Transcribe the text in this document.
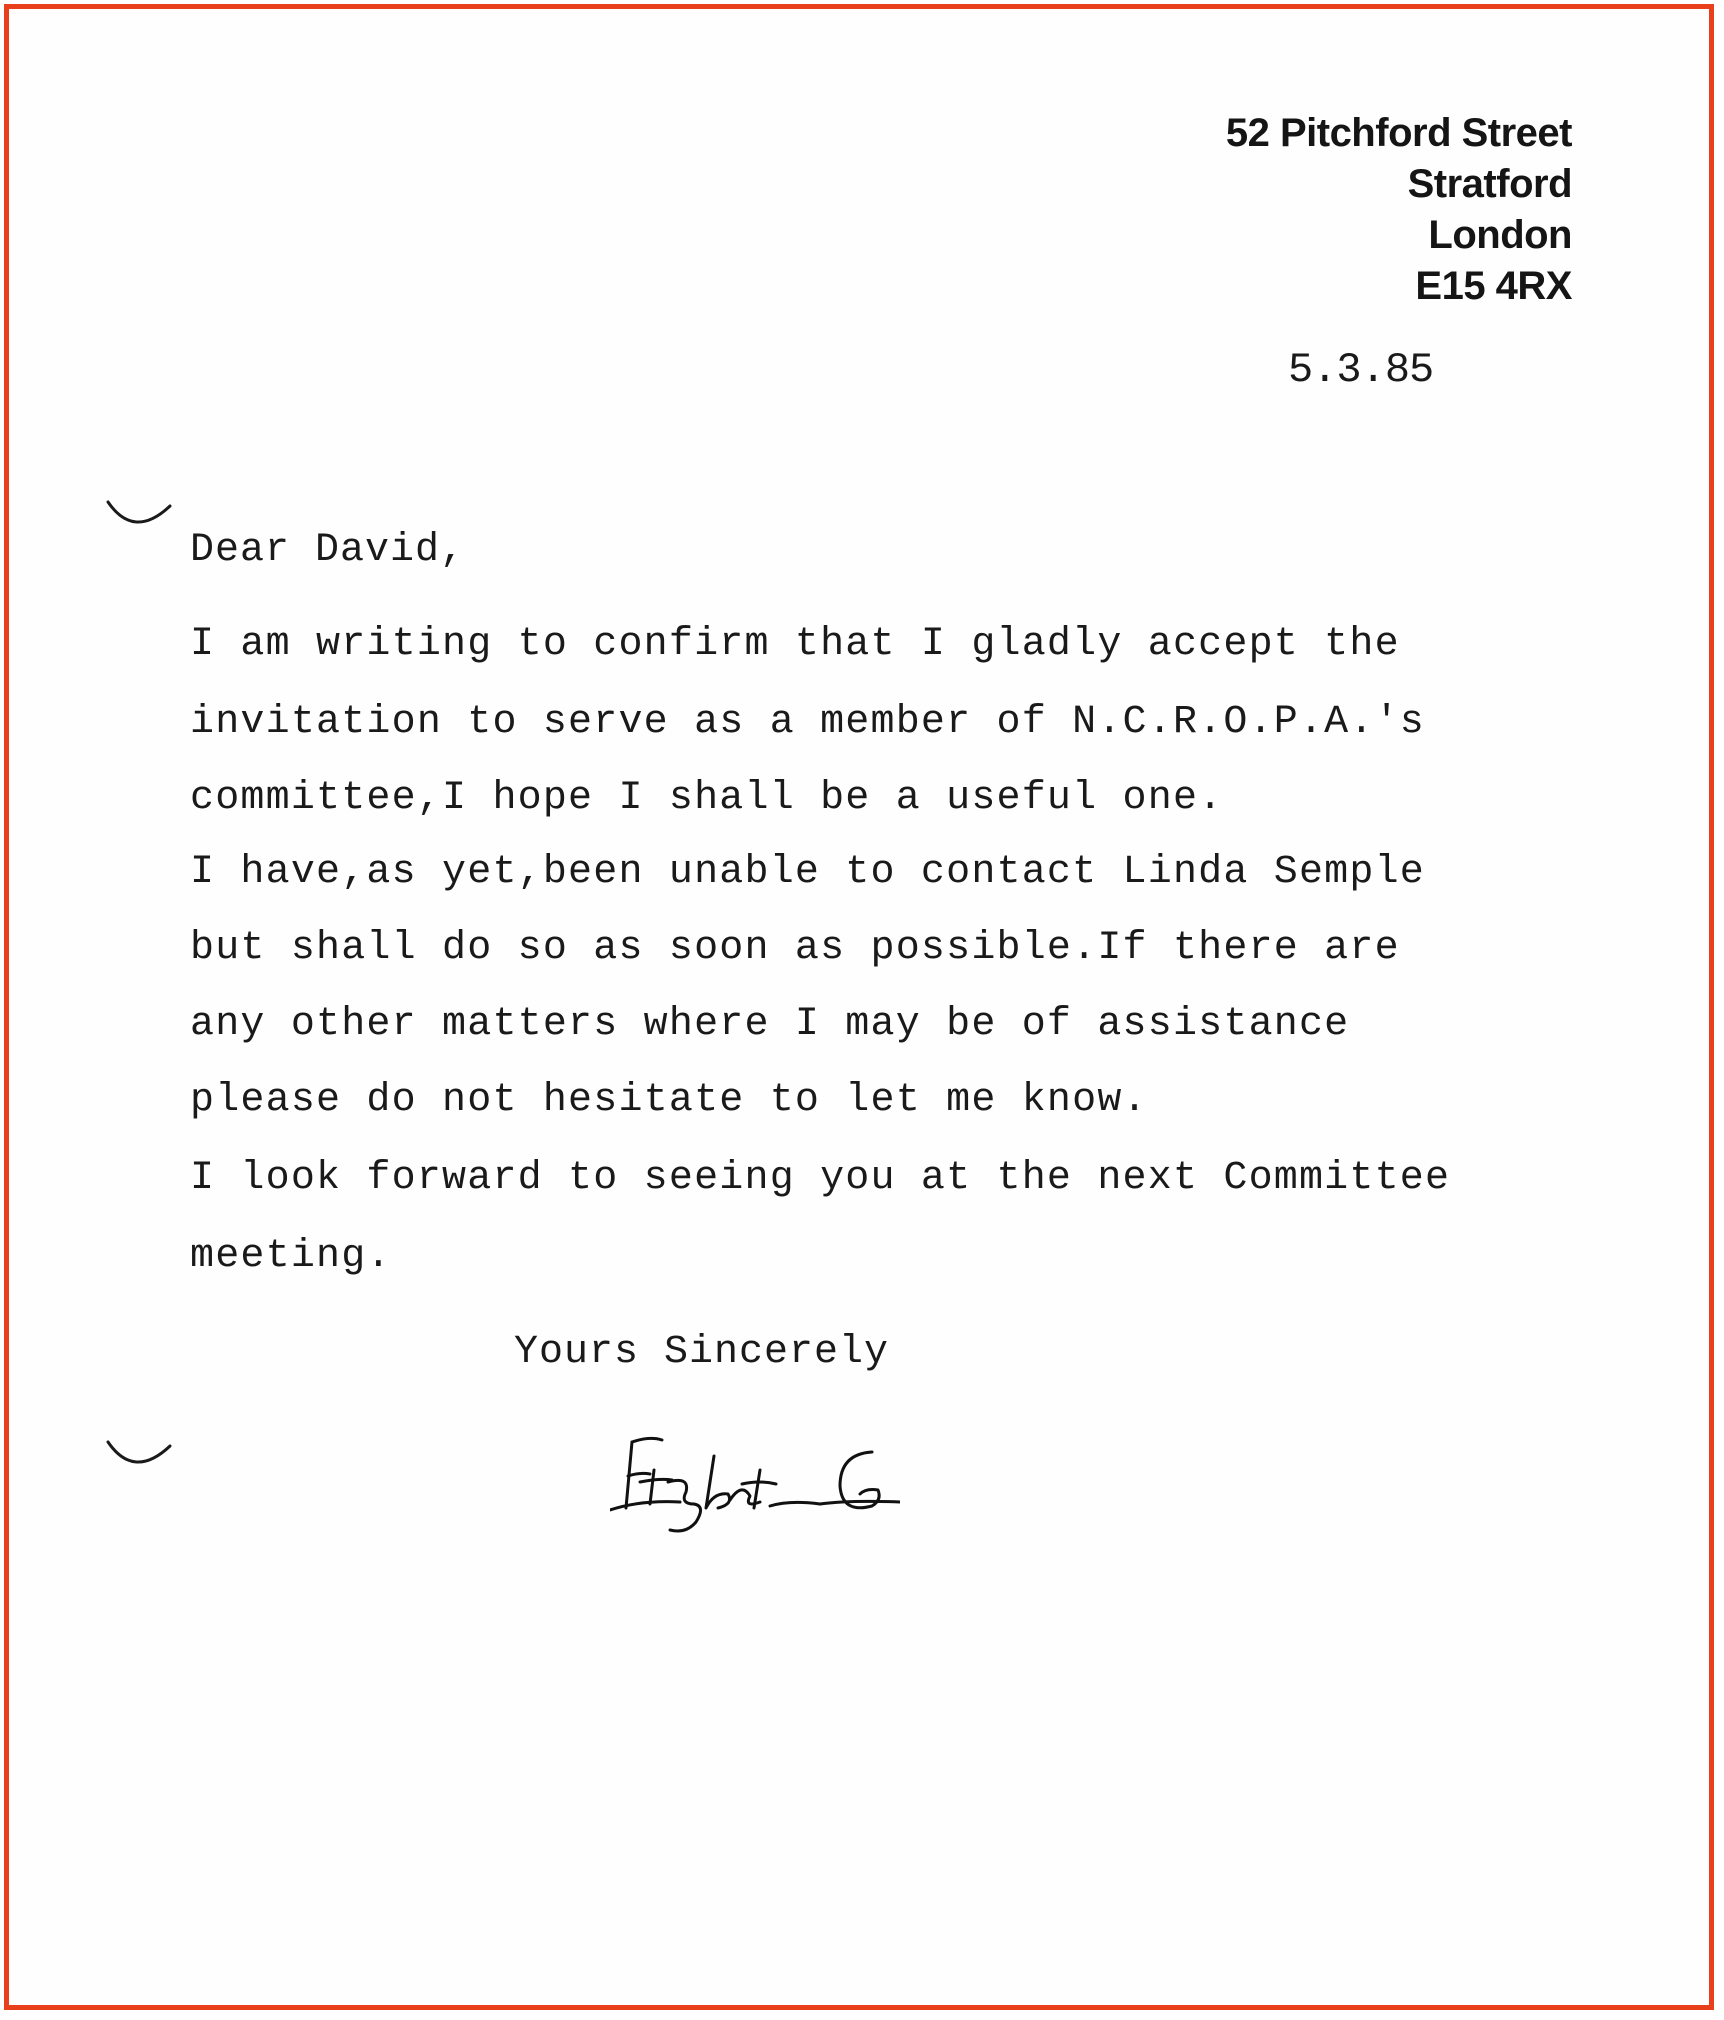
52 Pitchford Street
Stratford
London
E15 4RX
5.3.85
Dear David,
I am writing to confirm that I gladly accept the
invitation to serve as a member of N.C.R.O.P.A.'s
committee,I hope I shall be a useful one.
I have,as yet,been unable to contact Linda Semple
but shall do so as soon as possible.If there are
any other matters where I may be of assistance
please do not hesitate to let me know.
I look forward to seeing you at the next Committee
meeting.
Yours Sincerely
